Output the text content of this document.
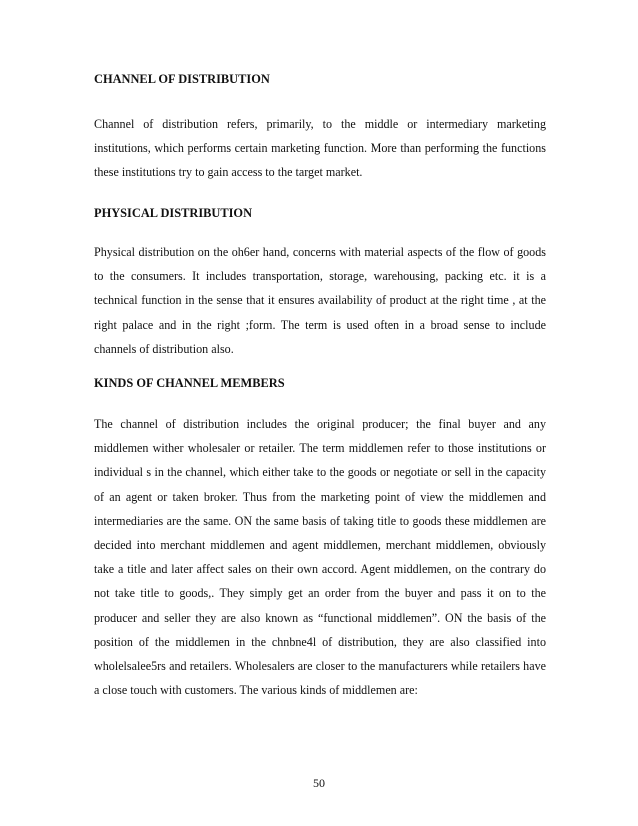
CHANNEL OF DISTRIBUTION
Channel of distribution refers, primarily, to the middle or intermediary marketing institutions, which performs certain marketing function. More than performing the functions these institutions try to gain access to the target market.
PHYSICAL DISTRIBUTION
Physical distribution on the oh6er hand, concerns with material aspects of the flow of goods to the consumers. It includes transportation, storage, warehousing, packing etc. it is a technical function in the sense that it ensures availability of product at the right time , at the right palace and in the right ;form. The term is used often in a broad sense to include channels of distribution also.
KINDS OF CHANNEL MEMBERS
The channel of distribution includes the original producer; the final buyer and any middlemen wither wholesaler or retailer. The term middlemen refer to those institutions or individual s in the channel, which either take to the goods or negotiate or sell in the capacity of an agent or taken broker. Thus from the marketing point of view the middlemen and intermediaries are the same. ON the same basis of taking title to goods these middlemen are decided into merchant middlemen and agent middlemen, merchant middlemen, obviously take a title and later affect sales on their own accord. Agent middlemen, on the contrary do not take title to goods,. They simply get an order from the buyer and pass it on to the producer and seller they are also known as “functional middlemen”. ON the basis of the position of the middlemen in the chnbne4l of distribution, they are also classified into wholelsalee5rs and retailers. Wholesalers are closer to the manufacturers while retailers have a close touch with customers. The various kinds of middlemen are:
50
